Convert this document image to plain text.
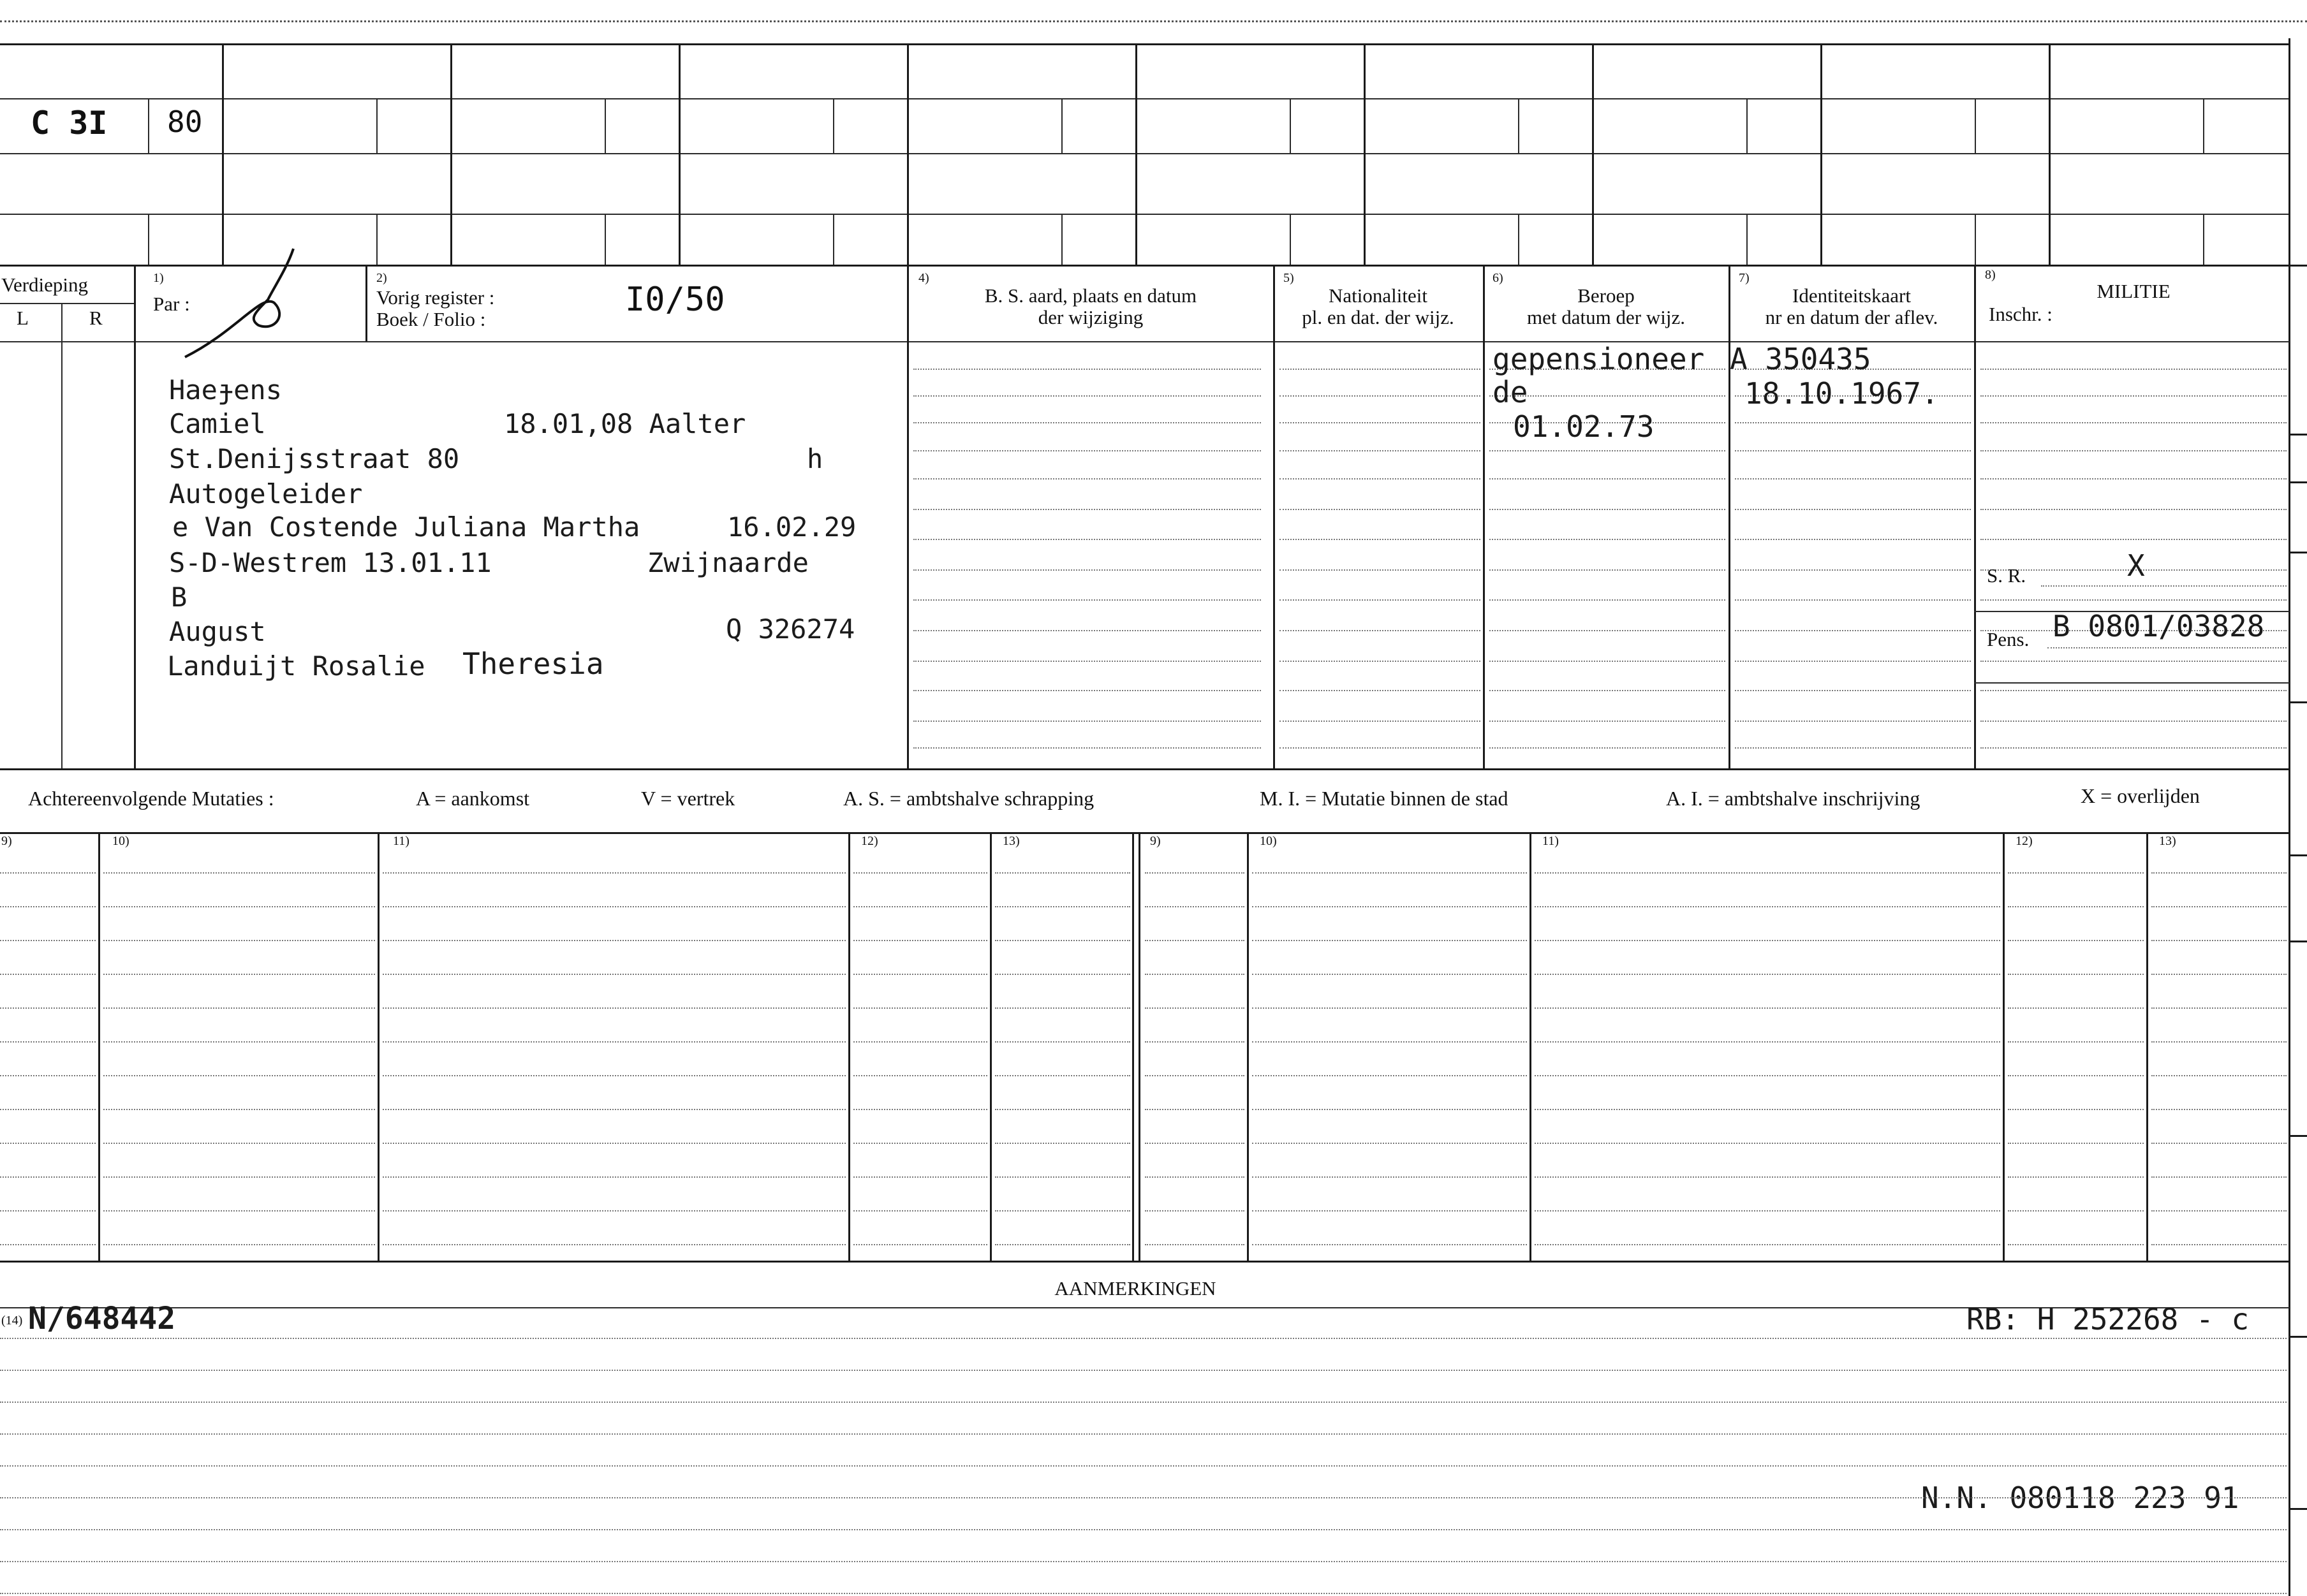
C 3I 80
Verdieping
L	R
1)
Par :
2)
Vorig register :
Boek / Folio :
I0/50
4)
B. S. aard, plaats en datum
der wijziging
5)
Nationaliteit
pl. en dat. der wijz.
6)
Beroep
met datum der wijz.
7)
Identiteitskaart
nr en datum der aflev.
8)
MILITIE
Inschr. :
Haeɟens
Camiel	18.01,08 Aalter
St.Denijsstraat 80	h
Autogeleider
e Van Costende Juliana Martha	16.02.29
S-D-Westrem 13.01.11	Zwijnaarde
B
August	Q 326274
Landuijt Rosalie Theresia
gepensioneer
de
01.02.73
A 350435
18.10.1967.
S. R.	X
Pens. B 0801/03828
Achtereenvolgende Mutaties :	A = aankomst	V = vertrek	A. S. = ambtshalve schrapping	M. I. = Mutatie binnen de stad	A. I. = ambtshalve inschrijving	X = overlijden
9)	10)	11)	12)	13)	9)	10)	11)	12)	13)
AANMERKINGEN
(14) N/648442	RB: H 252268 - c
N.N. 080118 223 91
